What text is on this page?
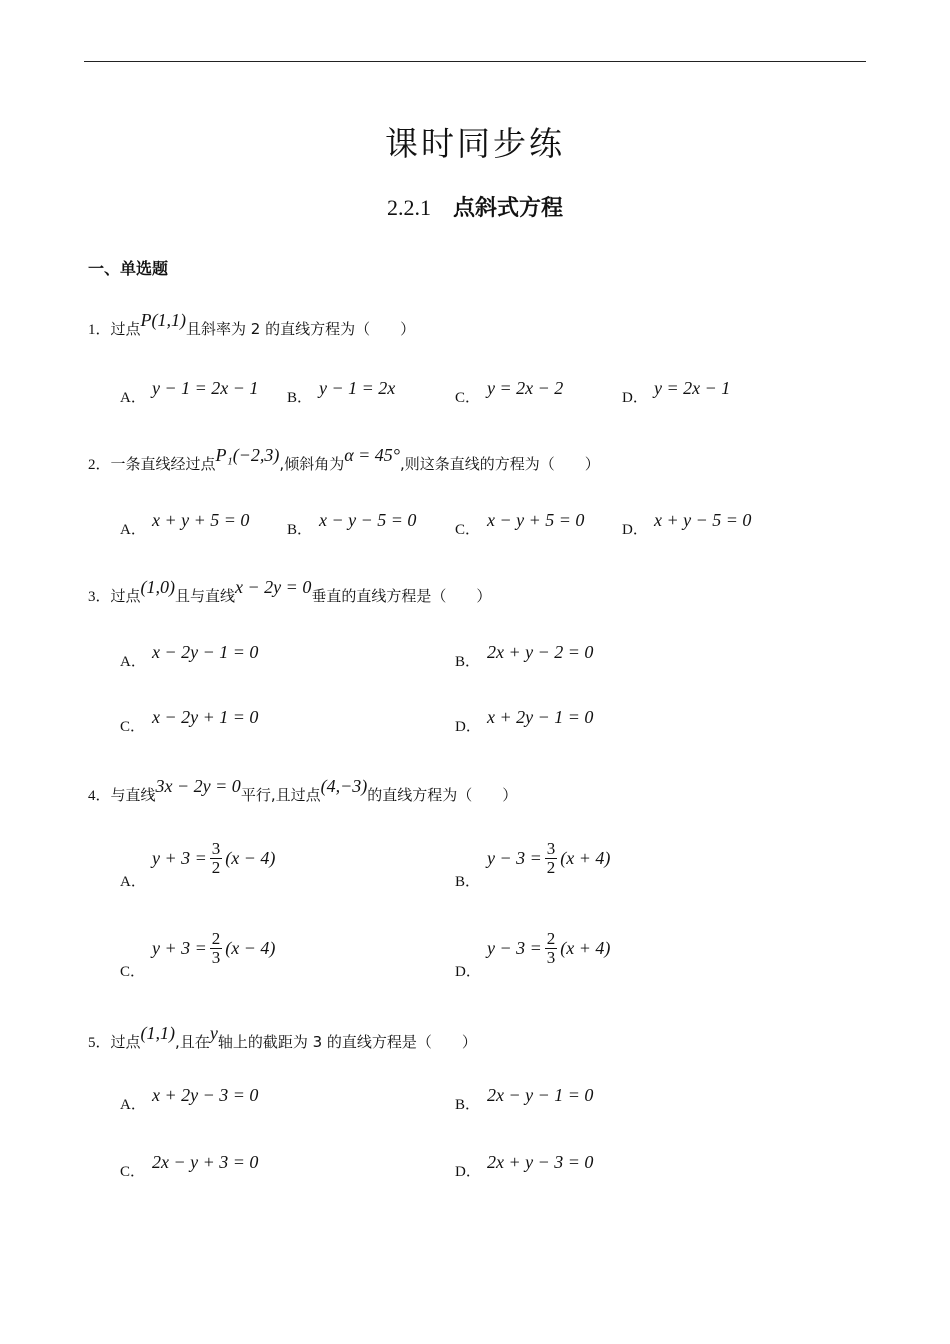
课时同步练
2.2.1 点斜式方程
一、单选题
1．过点P(1,1)且斜率为 2 的直线方程为（　　）
A． y − 1 = 2x − 1 B． y − 1 = 2x	C． y = 2x − 2	D． y = 2x − 1
2．一条直线经过点P₁(−2,3),倾斜角为α = 45°,则这条直线的方程为（　　）
A． x + y + 5 = 0	B． x − y − 5 = 0	C． x − y + 5 = 0	D． x + y − 5 = 0
3．过点(1,0)且与直线x − 2y = 0垂直的直线方程是（　　）
A． x − 2y − 1 = 0	B． 2x + y − 2 = 0
C． x − 2y + 1 = 0	D． x + 2y − 1 = 0
4．与直线3x − 2y = 0平行,且过点(4,−3)的直线方程为（　　）
A．
$y + 3 = \frac{3}{2} (x - 4)$
B．
$y - 3 = \frac{3}{2} (x + 4)$
C．
$y + 3 = \frac{2}{3} (x - 4)$
D．
$y - 3 = \frac{2}{3} (x + 4)$
5．过点(1,1),且在y轴上的截距为 3 的直线方程是（　　）
A． x + 2y − 3 = 0	B． 2x − y − 1 = 0
C． 2x − y + 3 = 0	D． 2x + y − 3 = 0
